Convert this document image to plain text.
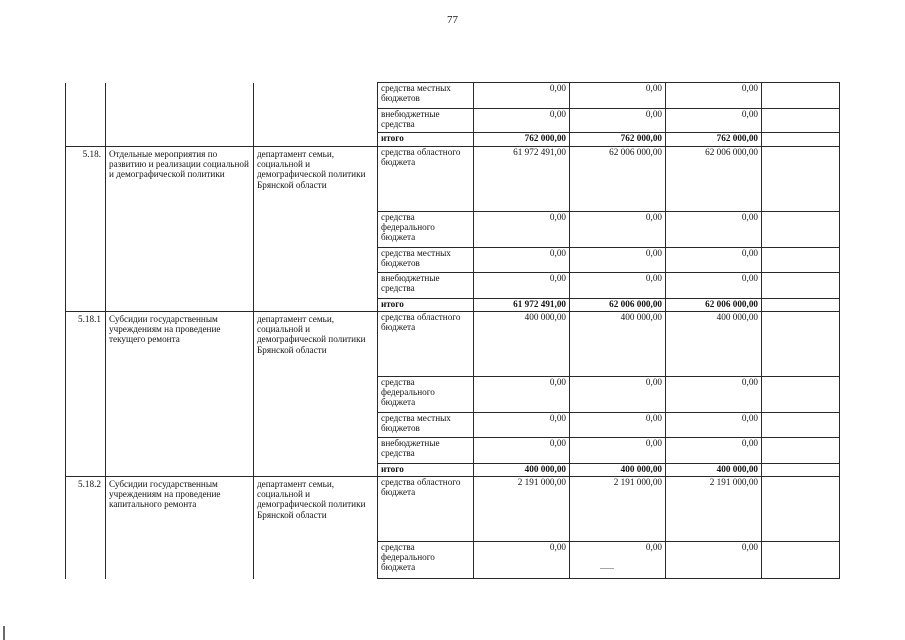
77
			средства местных бюджетов	0,00	0,00	0,00	
			внебюджетные средства	0,00	0,00	0,00	
			итого	762 000,00	762 000,00	762 000,00	
5.18.	Отдельные мероприятия по развитию и реализации социальной и демографической политики	департамент семьи, социальной и демографической политики Брянской области	средства областного бюджета	61 972 491,00	62 006 000,00	62 006 000,00	
			средства федерального бюджета	0,00	0,00	0,00	
			средства местных бюджетов	0,00	0,00	0,00	
			внебюджетные средства	0,00	0,00	0,00	
			итого	61 972 491,00	62 006 000,00	62 006 000,00	
5.18.1	Субсидии государственным учреждениям на проведение текущего ремонта	департамент семьи, социальной и демографической политики Брянской области	средства областного бюджета	400 000,00	400 000,00	400 000,00	
			средства федерального бюджета	0,00	0,00	0,00	
			средства местных бюджетов	0,00	0,00	0,00	
			внебюджетные средства	0,00	0,00	0,00	
			итого	400 000,00	400 000,00	400 000,00	
5.18.2	Субсидии государственным учреждениям на проведение капитального ремонта	департамент семьи, социальной и демографической политики Брянской области	средства областного бюджета	2 191 000,00	2 191 000,00	2 191 000,00	
			средства федерального бюджета	0,00	0,00	0,00	
